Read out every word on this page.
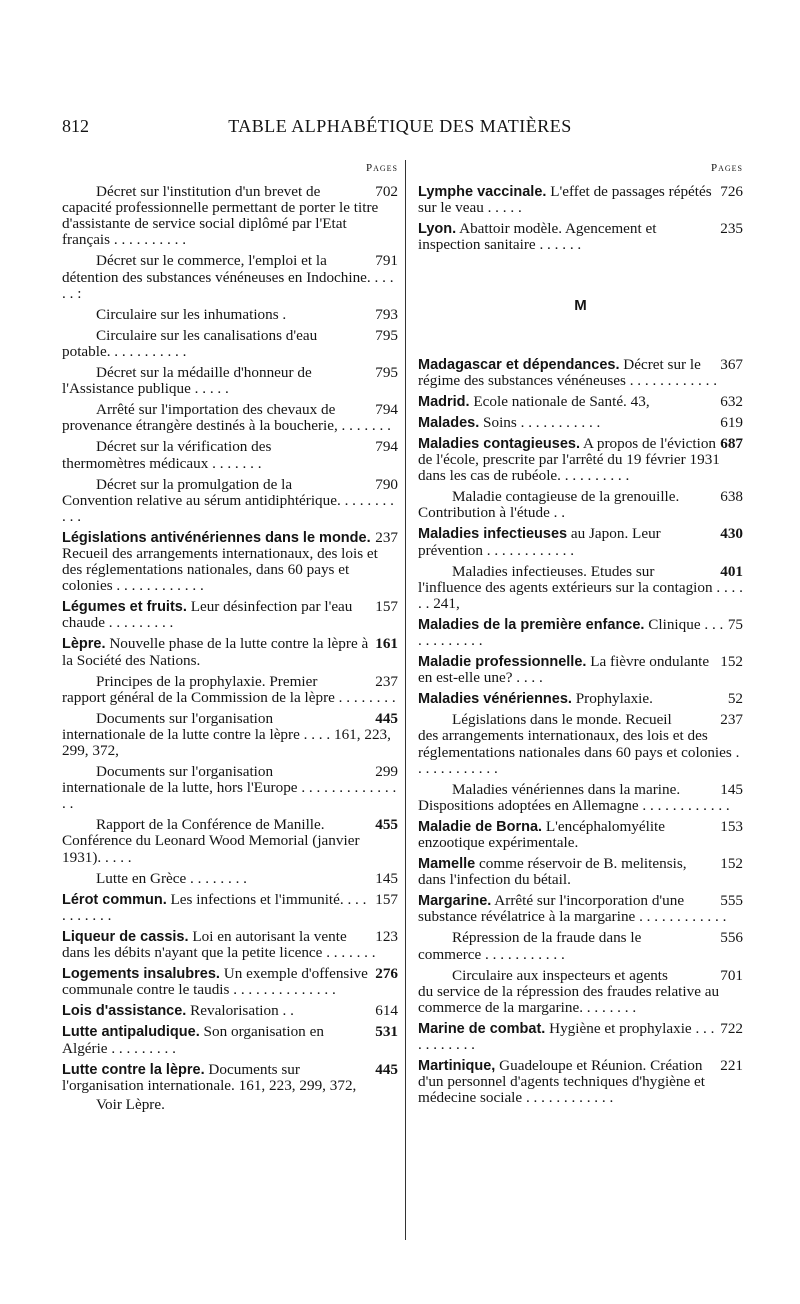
812	TABLE ALPHABÉTIQUE DES MATIÈRES
Pages
702
Décret sur l'institution d'un brevet de capacité professionnelle permettant de porter le titre d'assistante de service social diplômé par l'Etat français . . . . . . . . . .
791
Décret sur le commerce, l'emploi et la détention des substances vénéneuses en Indochine. . . . . . :
793
Circulaire sur les inhumations .
795
Circulaire sur les canalisations d'eau potable. . . . . . . . . . .
795
Décret sur la médaille d'honneur de l'Assistance publique . . . . .
794
Arrêté sur l'importation des chevaux de provenance étrangère destinés à la boucherie, . . . . . . .
794
Décret sur la vérification des thermomètres médicaux . . . . . . .
790
Décret sur la promulgation de la Convention relative au sérum antidiphtérique. . . . . . . . . . .
237
Législations antivénériennes dans le monde. Recueil des arrangements internationaux, des lois et des réglementations nationales, dans 60 pays et colonies . . . . . . . . . . . .
157
Légumes et fruits. Leur désinfection par l'eau chaude . . . . . . . . .
161
Lèpre. Nouvelle phase de la lutte contre la lèpre à la Société des Nations.
237
Principes de la prophylaxie. Premier rapport général de la Commission de la lèpre . . . . . . . .
445
Documents sur l'organisation internationale de la lutte contre la lèpre . . . . 161, 223, 299, 372,
299
Documents sur l'organisation internationale de la lutte, hors l'Europe . . . . . . . . . . . . . . .
455
Rapport de la Conférence de Manille. Conférence du Leonard Wood Memorial (janvier 1931). . . . .
145
Lutte en Grèce . . . . . . . .
157
Lérot commun. Les infections et l'immunité. . . . . . . . . . .
123
Liqueur de cassis. Loi en autorisant la vente dans les débits n'ayant que la petite licence . . . . . . .
276
Logements insalubres. Un exemple d'offensive communale contre le taudis . . . . . . . . . . . . . .
614
Lois d'assistance. Revalorisation . .
531
Lutte antipaludique. Son organisation en Algérie . . . . . . . . .
445
Lutte contre la lèpre. Documents sur l'organisation internationale. 161, 223, 299, 372,
Voir Lèpre.
Pages
726
Lymphe vaccinale. L'effet de passages répétés sur le veau . . . . .
235
Lyon. Abattoir modèle. Agencement et inspection sanitaire . . . . . .
M
367
Madagascar et dépendances. Décret sur le régime des substances vénéneuses . . . . . . . . . . . .
632
Madrid. Ecole nationale de Santé. 43,
619
Malades. Soins . . . . . . . . . . .
687
Maladies contagieuses. A propos de l'éviction de l'école, prescrite par l'arrêté du 19 février 1931 dans les cas de rubéole. . . . . . . . . .
638
Maladie contagieuse de la grenouille. Contribution à l'étude . .
430
Maladies infectieuses au Japon. Leur prévention . . . . . . . . . . . .
401
Maladies infectieuses. Etudes sur l'influence des agents extérieurs sur la contagion . . . . . . 241,
75
Maladies de la première enfance. Clinique . . . . . . . . . . . .
152
Maladie professionnelle. La fièvre ondulante en est-elle une? . . . .
52
Maladies vénériennes. Prophylaxie.
237
Législations dans le monde. Recueil des arrangements internationaux, des lois et des réglementations nationales dans 60 pays et colonies . . . . . . . . . . . .
145
Maladies vénériennes dans la marine. Dispositions adoptées en Allemagne . . . . . . . . . . . .
153
Maladie de Borna. L'encéphalomyélite enzootique expérimentale.
152
Mamelle comme réservoir de B. melitensis, dans l'infection du bétail.
555
Margarine. Arrêté sur l'incorporation d'une substance révélatrice à la margarine . . . . . . . . . . . .
556
Répression de la fraude dans le commerce . . . . . . . . . . .
701
Circulaire aux inspecteurs et agents du service de la répression des fraudes relative au commerce de la margarine. . . . . . . .
722
Marine de combat. Hygiène et prophylaxie . . . . . . . . . . .
221
Martinique, Guadeloupe et Réunion. Création d'un personnel d'agents techniques d'hygiène et médecine sociale . . . . . . . . . . . .
